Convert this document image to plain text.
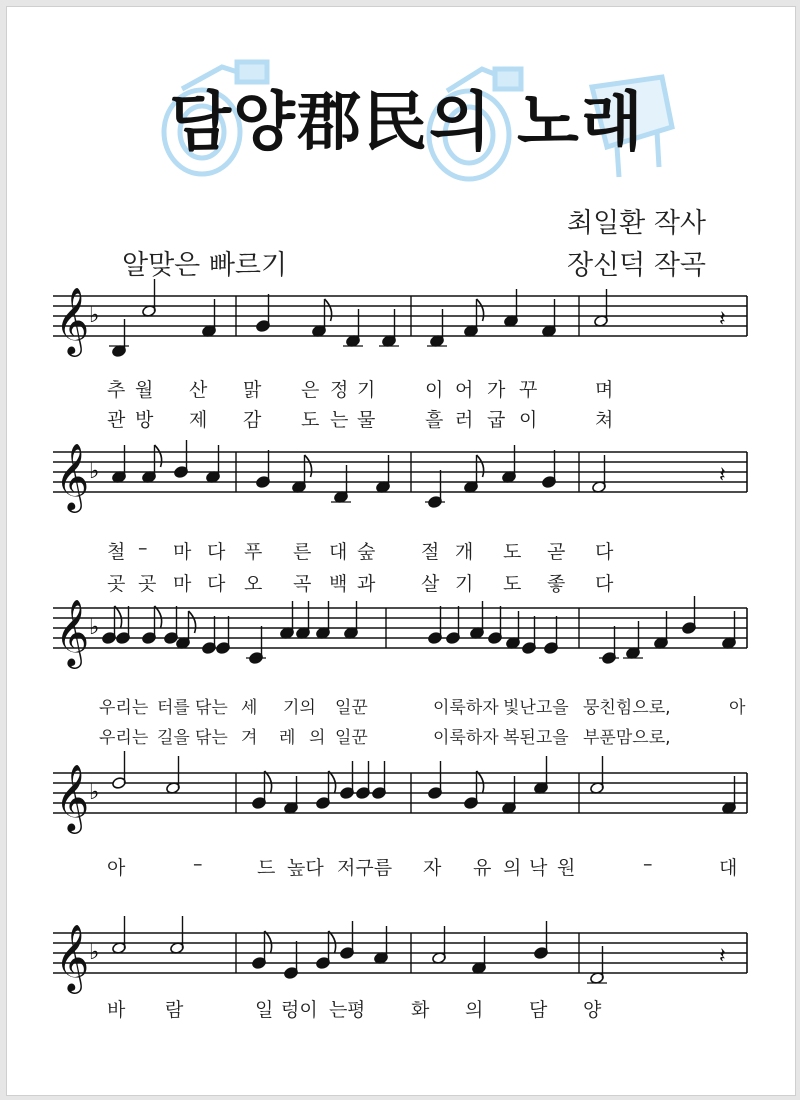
담양郡民의 노래
최일환 작사
알맞은 빠르기	장신덕 작곡
𝄞 ♭	𝄽
𝄞 ♭	𝄽
𝄞 ♭
𝄞 ♭
𝄞 ♭	𝄽
추 월 산 맑 은 정 기	이 어 가 꾸	며
관 방 제 감 도 는 물	흘 러 굽 이	쳐
철 – 마 다 푸 른 대 숲 절 개 도 곧 다
곳 곳 마 다 오 곡 백 과 살 기 도 좋 다
우리는 터를 닦는 세 기의 일꾼	이룩하자 빛난고을 뭉친힘으로,	아
우리는 길을 닦는 겨 레 의 일꾼	이룩하자 복된고을 부푼맘으로,
아	–	드 높다 저구름 자 유 의 낙 원	–	대
바 람	일 렁이 는 평 화 의 담 양
